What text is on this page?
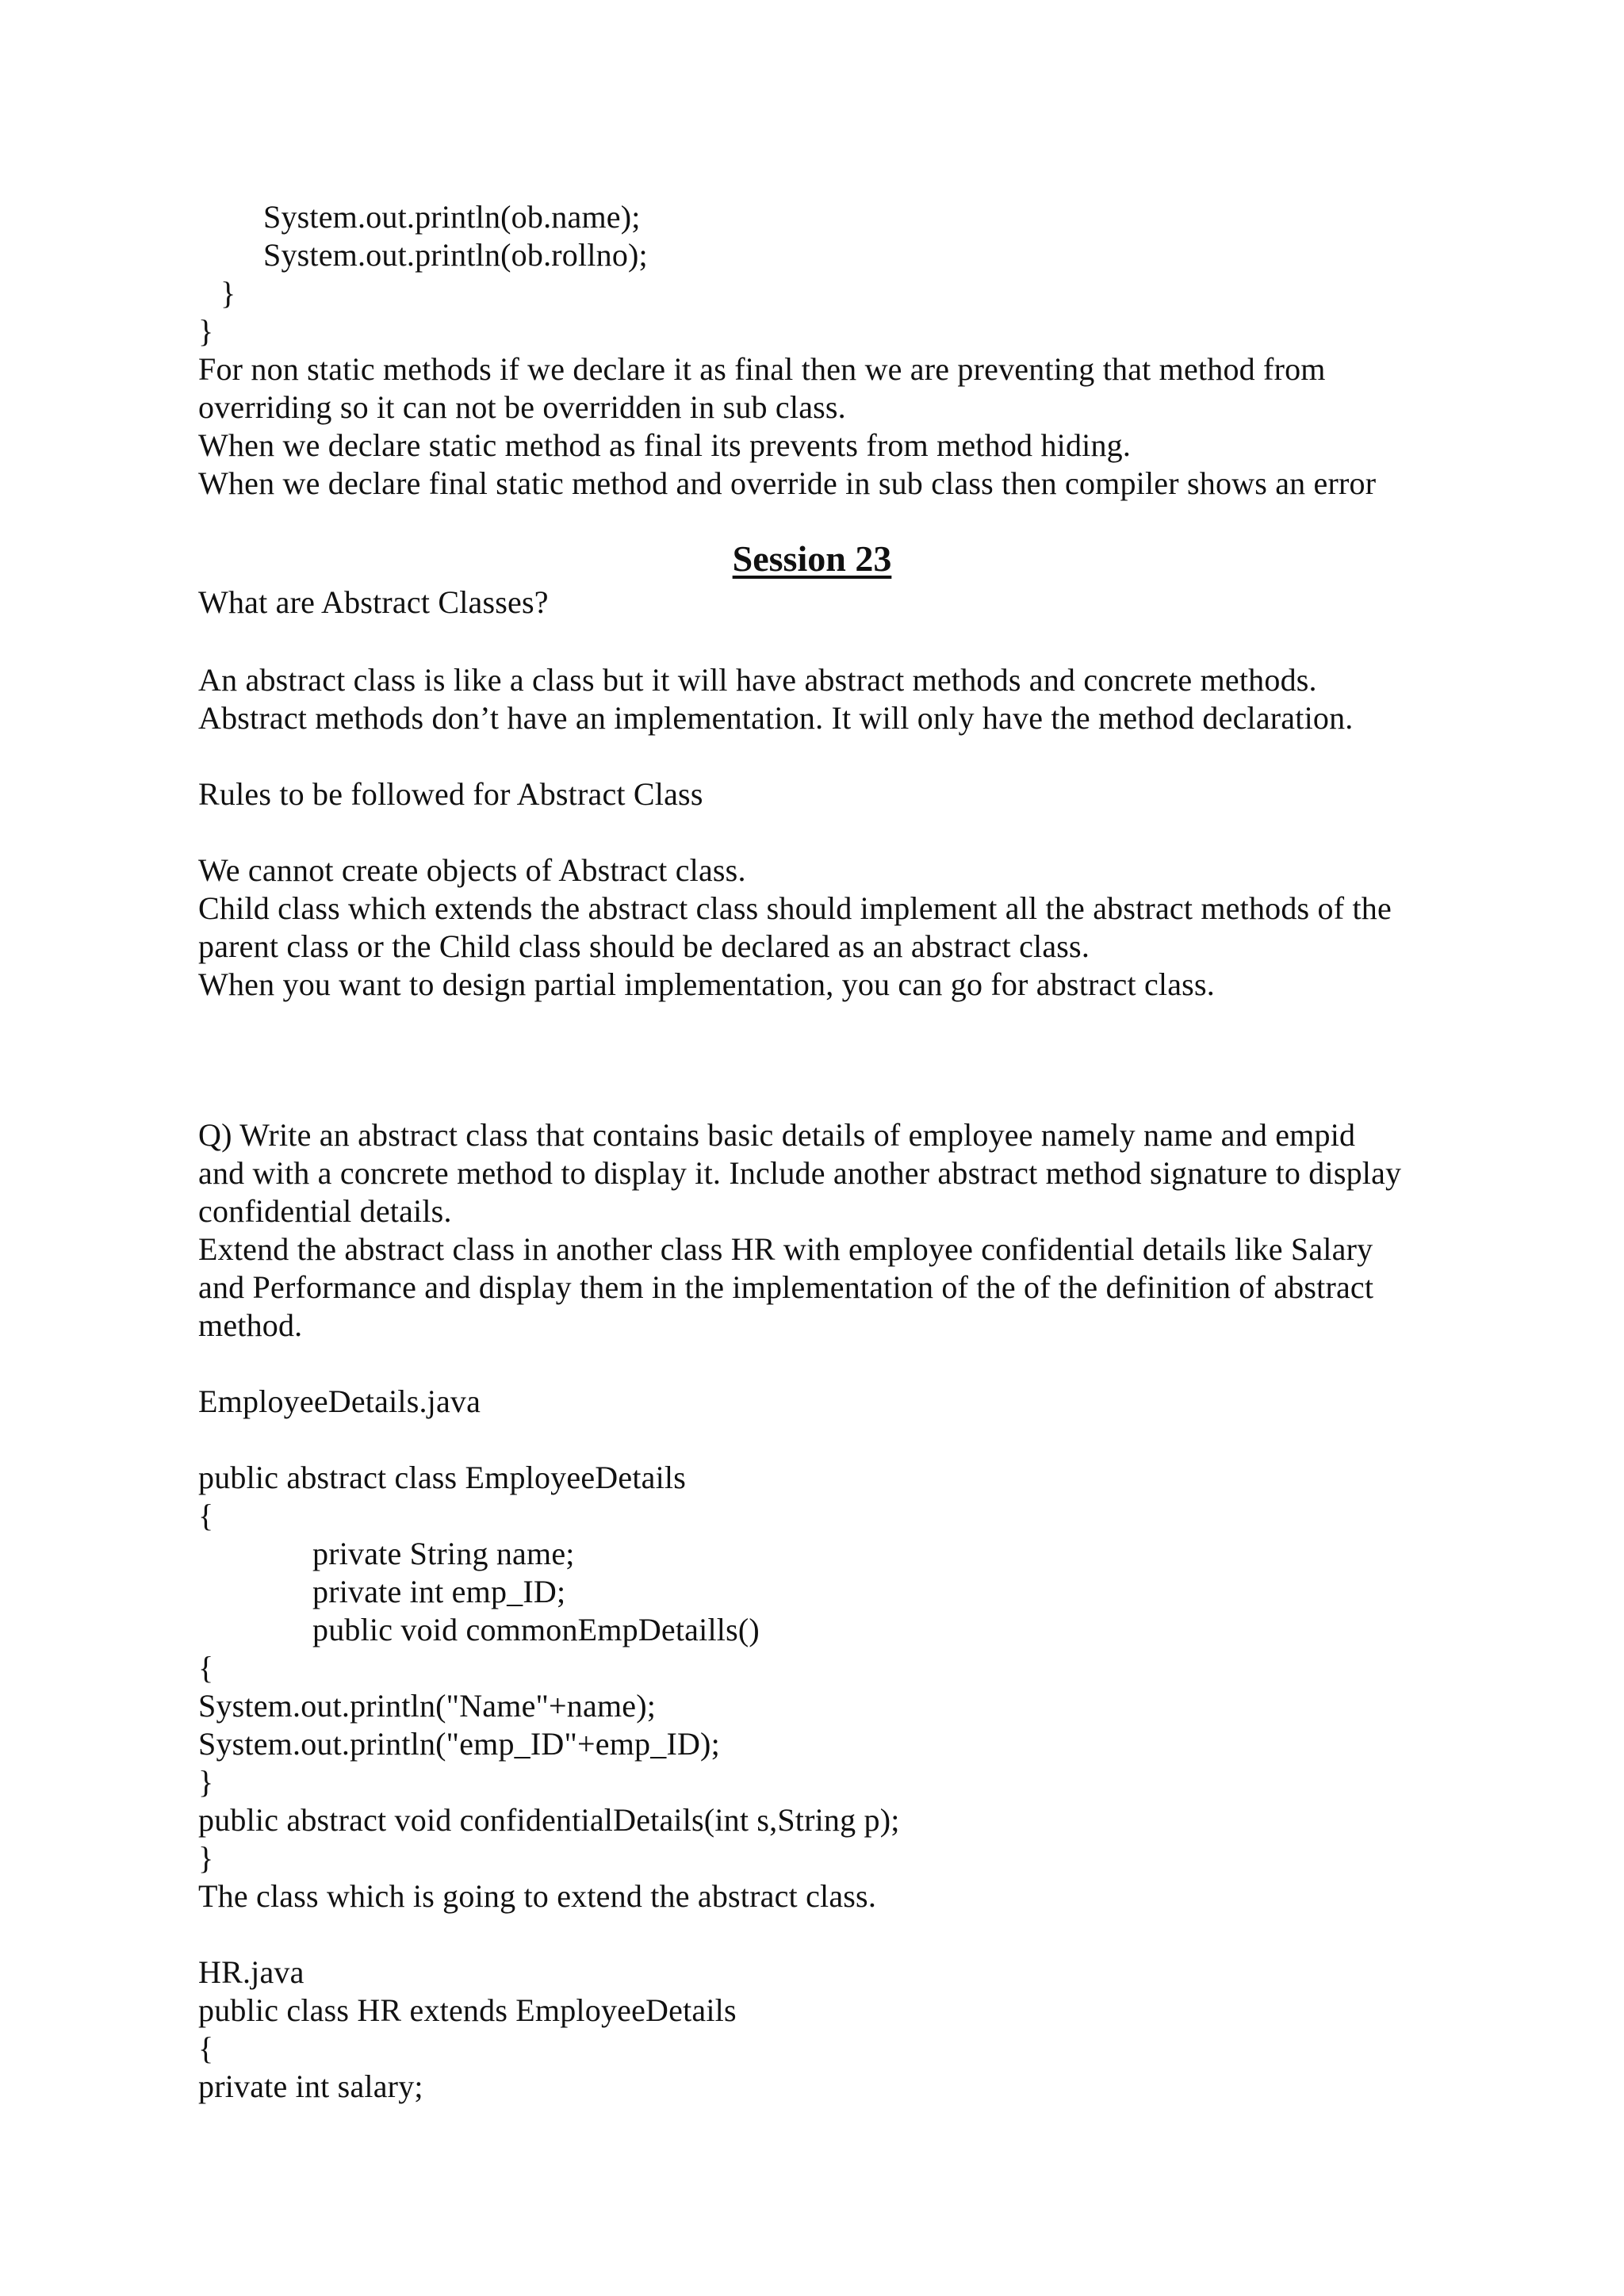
System.out.println(ob.name);
System.out.println(ob.rollno);
}
}
For non static methods if we declare it as final then we are preventing that method from
overriding so it can not be overridden in sub class.
When we declare static method as final its prevents from method hiding.
When we declare final static method and override in sub class then compiler shows an error
Session 23
What are Abstract Classes?
An abstract class is like a class but it will have abstract methods and concrete methods.
Abstract methods don’t have an implementation. It will only have the method declaration.
Rules to be followed for Abstract Class
We cannot create objects of Abstract class.
Child class which extends the abstract class should implement all the abstract methods of the
parent class or the Child class should be declared as an abstract class.
When you want to design partial implementation, you can go for abstract class.
Q) Write an abstract class that contains basic details of employee namely name and empid
and with a concrete method to display it. Include another abstract method signature to display
confidential details.
Extend the abstract class in another class HR with employee confidential details like Salary
and Performance and display them in the implementation of the of the definition of abstract
method.
EmployeeDetails.java
public abstract class EmployeeDetails
{
private String name;
private int emp_ID;
public void commonEmpDetaills()
{
System.out.println("Name"+name);
System.out.println("emp_ID"+emp_ID);
}
public abstract void confidentialDetails(int s,String p);
}
The class which is going to extend the abstract class.
HR.java
public class HR extends EmployeeDetails
{
private int salary;
